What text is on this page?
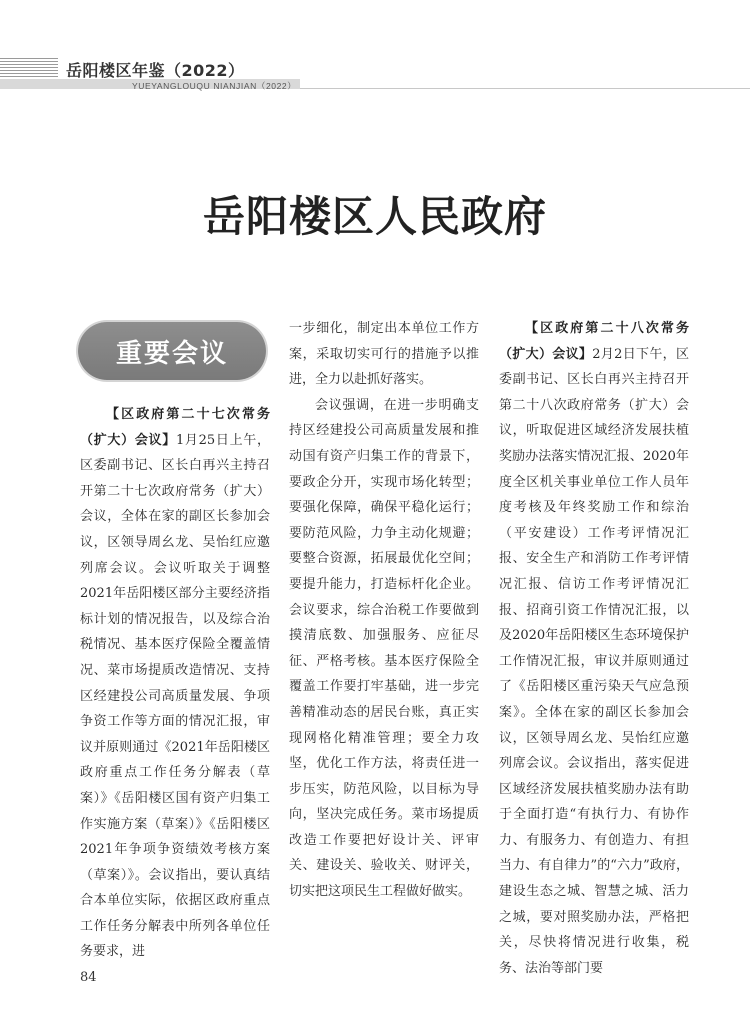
岳阳楼区年鉴（2022）
YUEYANGLOUQU NIANJIAN（2022）
岳阳楼区人民政府
重要会议

【区政府第二十七次常务（扩大）会议】1月25日上午，区委副书记、区长白再兴主持召开第二十七次政府常务（扩大）会议，全体在家的副区长参加会议，区领导周幺龙、吴怡红应邀列席会议。会议听取关于调整2021年岳阳楼区部分主要经济指标计划的情况报告，以及综合治税情况、基本医疗保险全覆盖情况、菜市场提质改造情况、支持区经建投公司高质量发展、争项争资工作等方面的情况汇报，审议并原则通过《2021年岳阳楼区政府重点工作任务分解表（草案）》《岳阳楼区国有资产归集工作实施方案（草案）》《岳阳楼区2021年争项争资绩效考核方案（草案）》。会议指出，要认真结合本单位实际，依据区政府重点工作任务分解表中所列各单位任务要求，进

一步细化，制定出本单位工作方案，采取切实可行的措施予以推进，全力以赴抓好落实。

会议强调，在进一步明确支持区经建投公司高质量发展和推动国有资产归集工作的背景下，要政企分开，实现市场化转型；要强化保障，确保平稳化运行；要防范风险，力争主动化规避；要整合资源，拓展最优化空间；要提升能力，打造标杆化企业。会议要求，综合治税工作要做到摸清底数、加强服务、应征尽征、严格考核。基本医疗保险全覆盖工作要打牢基础，进一步完善精准动态的居民台账，真正实现网格化精准管理；要全力攻坚，优化工作方法，将责任进一步压实，防范风险，以目标为导向，坚决完成任务。菜市场提质改造工作要把好设计关、评审关、建设关、验收关、财评关，切实把这项民生工程做好做实。

【区政府第二十八次常务（扩大）会议】2月2日下午，区委副书记、区长白再兴主持召开第二十八次政府常务（扩大）会议，听取促进区域经济发展扶植奖励办法落实情况汇报、2020年度全区机关事业单位工作人员年度考核及年终奖励工作和综治（平安建设）工作考评情况汇报、安全生产和消防工作考评情况汇报、信访工作考评情况汇报、招商引资工作情况汇报，以及2020年岳阳楼区生态环境保护工作情况汇报，审议并原则通过了《岳阳楼区重污染天气应急预案》。全体在家的副区长参加会议，区领导周幺龙、吴怡红应邀列席会议。会议指出，落实促进区域经济发展扶植奖励办法有助于全面打造“有执行力、有协作力、有服务力、有创造力、有担当力、有自律力”的“六力”政府，建设生态之城、智慧之城、活力之城，要对照奖励办法，严格把关，尽快将情况进行收集，税务、法治等部门要

84
